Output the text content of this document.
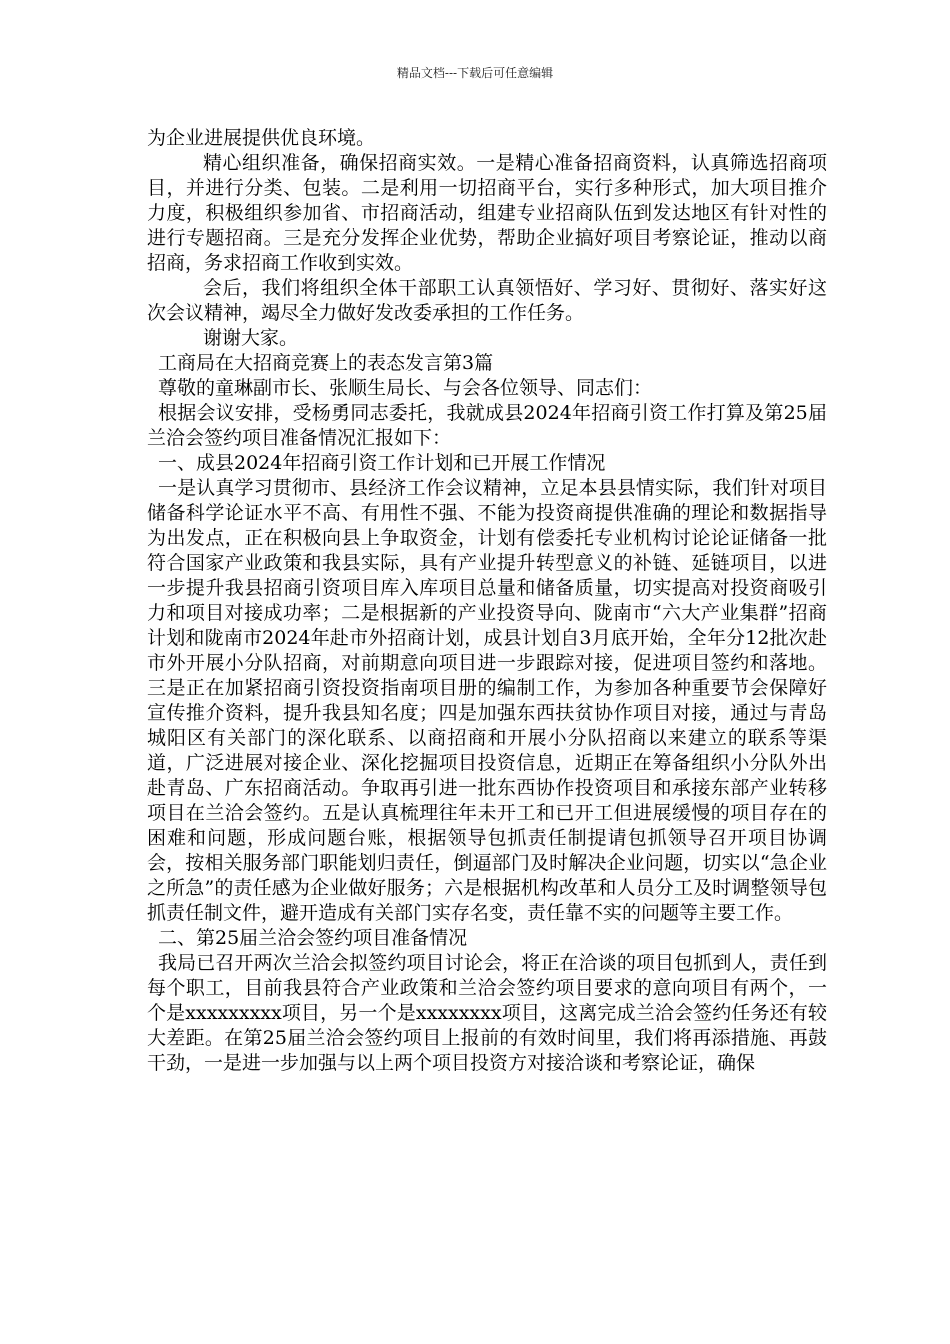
精品文档---下载后可任意编辑

为企业进展提供优良环境。

精心组织准备，确保招商实效。一是精心准备招商资料，认真筛选招商项目，并进行分类、包装。二是利用一切招商平台，实行多种形式，加大项目推介力度，积极组织参加省、市招商活动，组建专业招商队伍到发达地区有针对性的进行专题招商。三是充分发挥企业优势，帮助企业搞好项目考察论证，推动以商招商，务求招商工作收到实效。

会后，我们将组织全体干部职工认真领悟好、学习好、贯彻好、落实好这次会议精神，竭尽全力做好发改委承担的工作任务。

谢谢大家。

工商局在大招商竞赛上的表态发言第3篇

尊敬的童琳副市长、张顺生局长、与会各位领导、同志们：

根据会议安排，受杨勇同志委托，我就成县2024年招商引资工作打算及第25届兰洽会签约项目准备情况汇报如下：

一、成县2024年招商引资工作计划和已开展工作情况

一是认真学习贯彻市、县经济工作会议精神，立足本县县情实际，我们针对项目储备科学论证水平不高、有用性不强、不能为投资商提供准确的理论和数据指导为出发点，正在积极向县上争取资金，计划有偿委托专业机构讨论论证储备一批符合国家产业政策和我县实际，具有产业提升转型意义的补链、延链项目，以进一步提升我县招商引资项目库入库项目总量和储备质量，切实提高对投资商吸引力和项目对接成功率；二是根据新的产业投资导向、陇南市“六大产业集群”招商计划和陇南市2024年赴市外招商计划，成县计划自3月底开始，全年分12批次赴市外开展小分队招商，对前期意向项目进一步跟踪对接，促进项目签约和落地。三是正在加紧招商引资投资指南项目册的编制工作，为参加各种重要节会保障好宣传推介资料，提升我县知名度；四是加强东西扶贫协作项目对接，通过与青岛城阳区有关部门的深化联系、以商招商和开展小分队招商以来建立的联系等渠道，广泛进展对接企业、深化挖掘项目投资信息，近期正在筹备组织小分队外出赴青岛、广东招商活动。争取再引进一批东西协作投资项目和承接东部产业转移项目在兰洽会签约。五是认真梳理往年未开工和已开工但进展缓慢的项目存在的困难和问题，形成问题台账，根据领导包抓责任制提请包抓领导召开项目协调会，按相关服务部门职能划归责任，倒逼部门及时解决企业问题，切实以“急企业之所急”的责任感为企业做好服务；六是根据机构改革和人员分工及时调整领导包抓责任制文件，避开造成有关部门实存名变，责任靠不实的问题等主要工作。

二、第25届兰洽会签约项目准备情况

我局已召开两次兰洽会拟签约项目讨论会，将正在洽谈的项目包抓到人，责任到每个职工，目前我县符合产业政策和兰洽会签约项目要求的意向项目有两个，一个是xxxxxxxxx项目，另一个是xxxxxxxx项目，这离完成兰洽会签约任务还有较大差距。在第25届兰洽会签约项目上报前的有效时间里，我们将再添措施、再鼓干劲，一是进一步加强与以上两个项目投资方对接洽谈和考察论证，确保
